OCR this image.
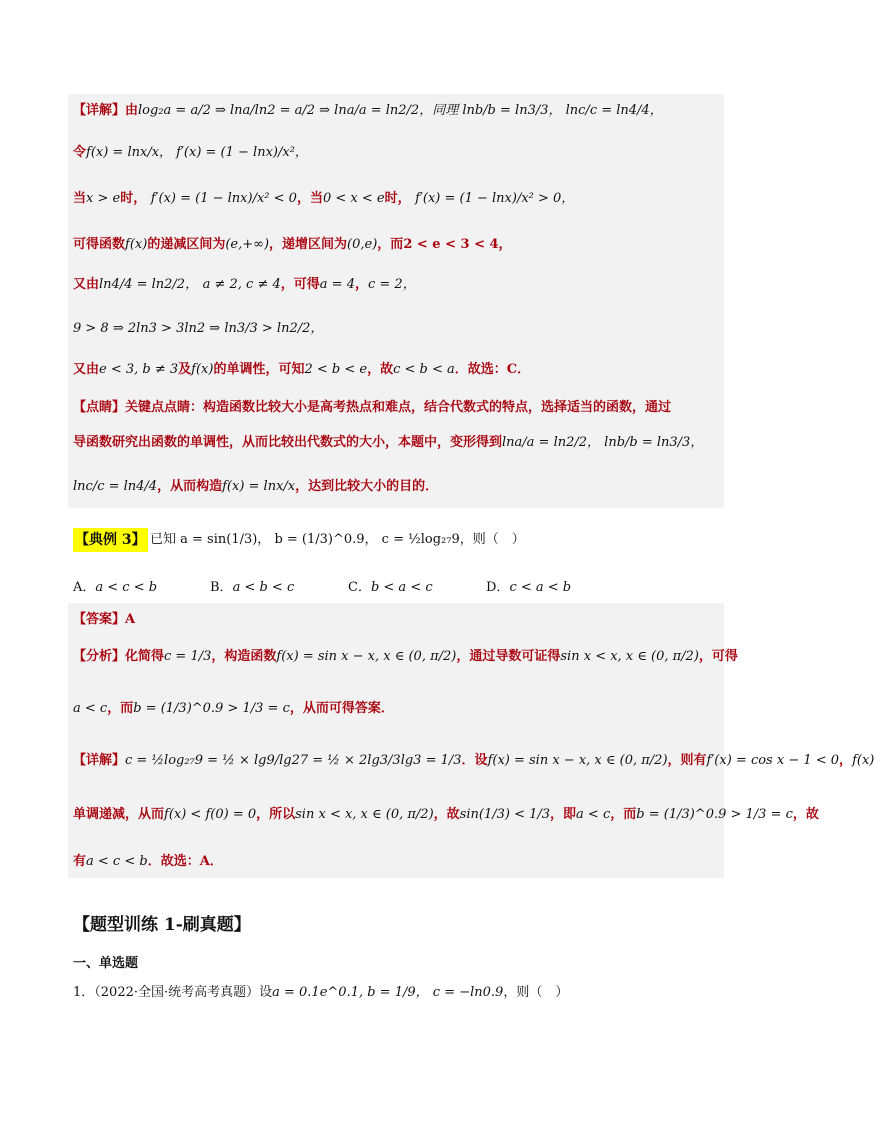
【详解】由log₂a = a/2 ⇒ lna/ln2 = a/2 ⇒ lna/a = ln2/2，同理 lnb/b = ln3/3， lnc/c = ln4/4，
令f(x) = lnx/x， f′(x) = (1 − lnx)/x²，
当x > e时， f′(x) = (1 − lnx)/x² < 0，当0 < x < e时， f′(x) = (1 − lnx)/x² > 0，
可得函数f(x)的递减区间为(e,+∞)，递增区间为(0,e)，而2 < e < 3 < 4，
又由ln4/4 = ln2/2， a ≠ 2, c ≠ 4，可得a = 4，c = 2，
9 > 8 ⇒ 2ln3 > 3ln2 ⇒ ln3/3 > ln2/2，
又由e < 3, b ≠ 3及f(x)的单调性，可知2 < b < e，故c < b < a．故选：C．
【点睛】关键点点睛：构造函数比较大小是高考热点和难点，结合代数式的特点，选择适当的函数，通过
导函数研究出函数的单调性，从而比较出代数式的大小，本题中，变形得到lna/a = ln2/2， lnb/b = ln3/3，
lnc/c = ln4/4，从而构造f(x) = lnx/x，达到比较大小的目的．
【典例 3】 已知 a = sin(1/3)， b = (1/3)^0.9， c = ½log₂₇9，则（　）
A．a < c < b	B．a < b < c	C．b < a < c	D．c < a < b
【答案】A
【分析】化简得c = 1/3，构造函数f(x) = sin x − x, x ∈ (0, π/2)，通过导数可证得sin x < x, x ∈ (0, π/2)，可得
a < c，而b = (1/3)^0.9 > 1/3 = c，从而可得答案．
【详解】c = ½log₂₇9 = ½ × lg9/lg27 = ½ × 2lg3/3lg3 = 1/3．设f(x) = sin x − x, x ∈ (0, π/2)，则有f′(x) = cos x − 1 < 0，f(x)
单调递减，从而f(x) < f(0) = 0，所以sin x < x, x ∈ (0, π/2)，故sin(1/3) < 1/3，即a < c，而b = (1/3)^0.9 > 1/3 = c，故
有a < c < b．故选：A．
【题型训练 1-刷真题】
一、单选题
1．（2022·全国·统考高考真题）设a = 0.1e^0.1, b = 1/9， c = −ln0.9，则（　）
